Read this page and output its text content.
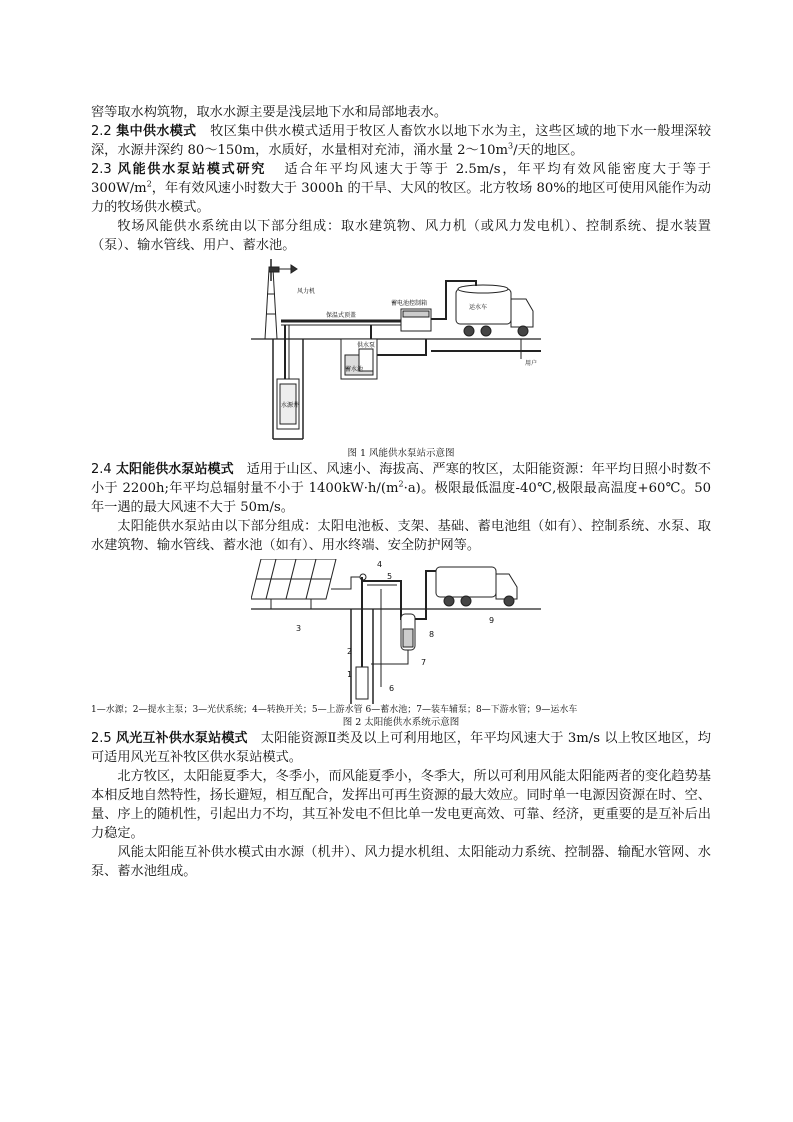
窖等取水构筑物，取水水源主要是浅层地下水和局部地表水。

2.2 集中供水模式 牧区集中供水模式适用于牧区人畜饮水以地下水为主，这些区域的地下水一般埋深较深，水源井深约 80～150m，水质好，水量相对充沛，涌水量 $2\sim 10m^3/$天的地区。

2.3 风能供水泵站模式研究 适合年平均风速大于等于 2.5m/s，年平均有效风能密度大于等于 $300W/m^2$，年有效风速小时数大于 3000h 的干旱、大风的牧区。北方牧场 80%的地区可使用风能作为动力的牧场供水模式。

牧场风能供水系统由以下部分组成：取水建筑物、风力机（或风力发电机）、控制系统、提水装置（泵）、输水管线、用户、蓄水池。

风力机
保温式顶盖
蓄电池控制箱
运水车
用户
供水泵
蓄水池
水源井

图 1 风能供水泵站示意图

2.4 太阳能供水泵站模式 适用于山区、风速小、海拔高、严寒的牧区，太阳能资源：年平均日照小时数不小于 2200h;年平均总辐射量不小于 $1400kW\cdot h/(m^2\cdot a)$。极限最低温度-40℃,极限最高温度+60℃。50 年一遇的最大风速不大于 50m/s。

太阳能供水泵站由以下部分组成：太阳电池板、支架、基础、蓄电池组（如有）、控制系统、水泵、取水建筑物、输水管线、蓄水池（如有）、用水终端、安全防护网等。

1
2
3
4
5
6
7
8
9

1—水源；2—提水主泵；3—光伏系统；4—转换开关；5—上游水管 6—蓄水池；7—装车辅泵；8—下游水管；9—运水车

图 2 太阳能供水系统示意图

2.5 风光互补供水泵站模式 太阳能资源Ⅱ类及以上可利用地区，年平均风速大于 3m/s 以上牧区地区，均可适用风光互补牧区供水泵站模式。

北方牧区，太阳能夏季大，冬季小，而风能夏季小，冬季大，所以可利用风能太阳能两者的变化趋势基本相反地自然特性，扬长避短，相互配合，发挥出可再生资源的最大效应。同时单一电源因资源在时、空、量、序上的随机性，引起出力不均，其互补发电不但比单一发电更高效、可靠、经济，更重要的是互补后出力稳定。

风能太阳能互补供水模式由水源（机井）、风力提水机组、太阳能动力系统、控制器、输配水管网、水泵、蓄水池组成。
